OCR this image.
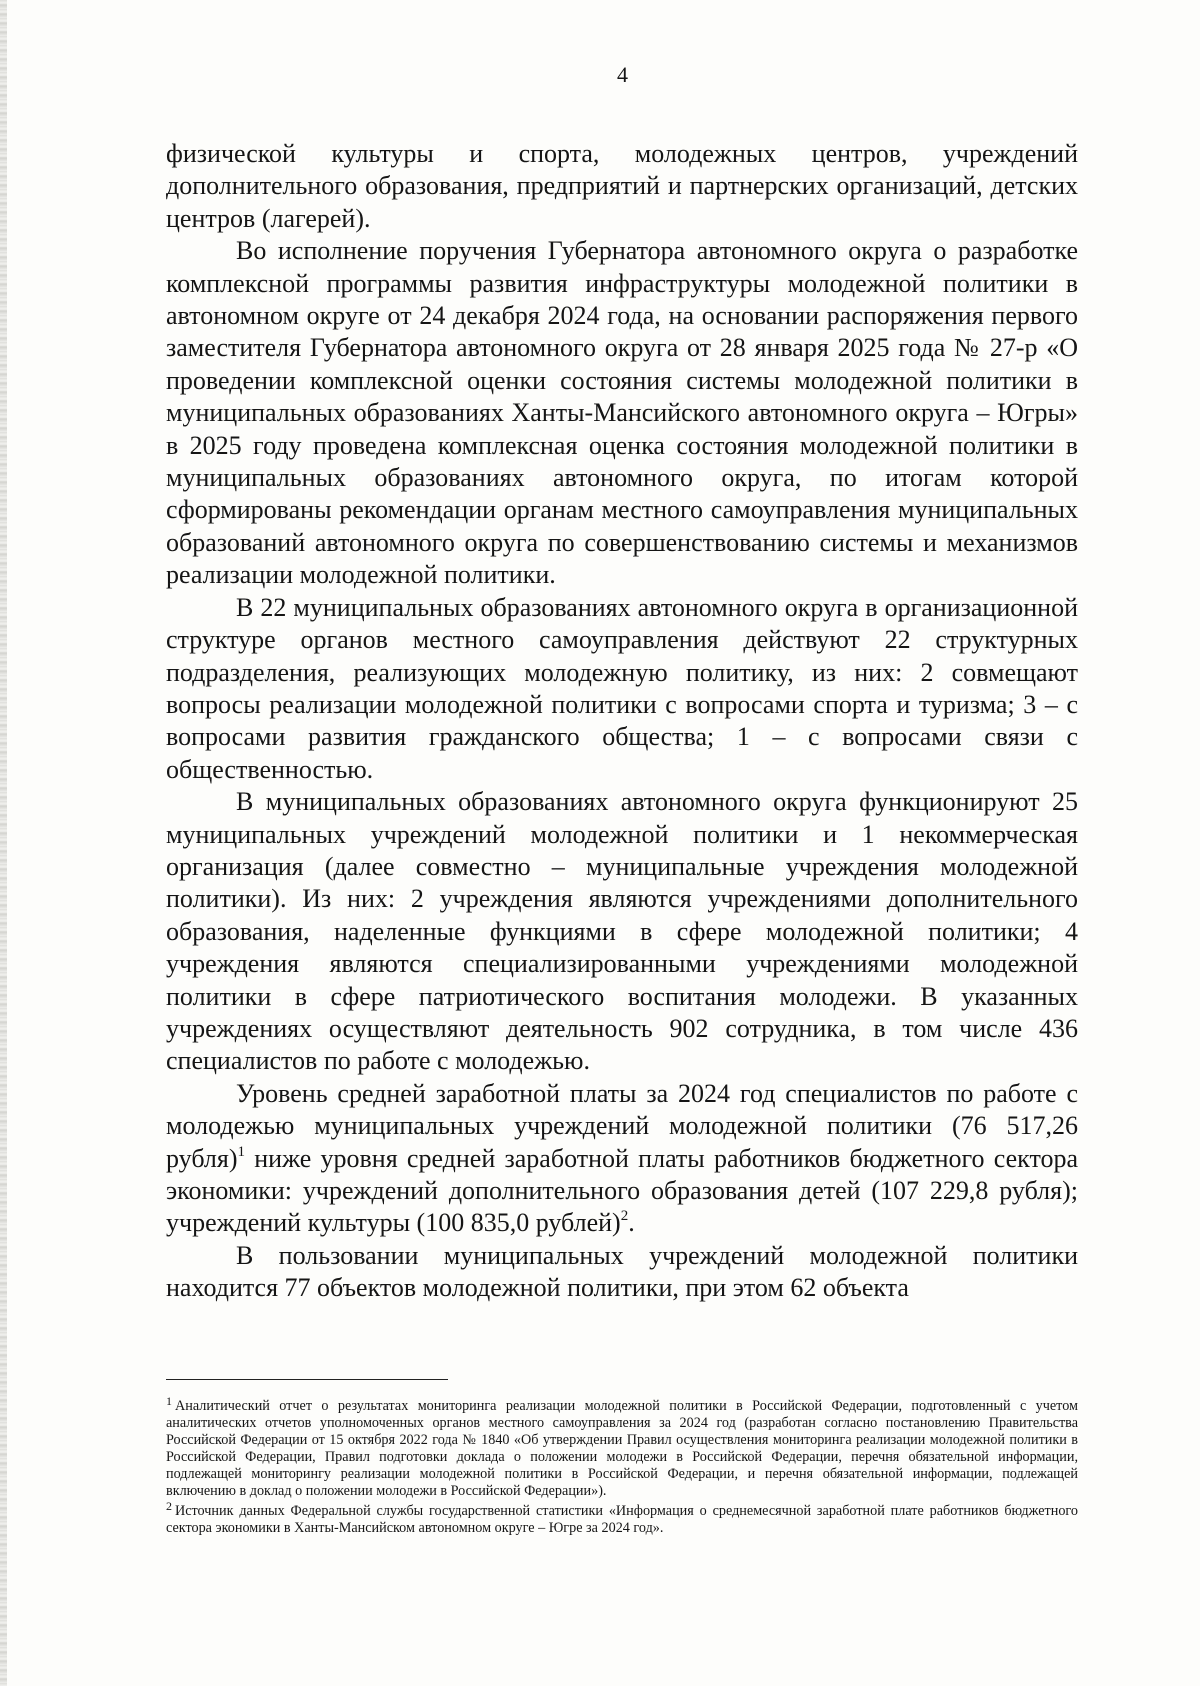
4

физической культуры и спорта, молодежных центров, учреждений дополнительного образования, предприятий и партнерских организаций, детских центров (лагерей).

Во исполнение поручения Губернатора автономного округа о разработке комплексной программы развития инфраструктуры молодежной политики в автономном округе от 24 декабря 2024 года, на основании распоряжения первого заместителя Губернатора автономного округа от 28 января 2025 года № 27-р «О проведении комплексной оценки состояния системы молодежной политики в муниципальных образованиях Ханты-Мансийского автономного округа – Югры» в 2025 году проведена комплексная оценка состояния молодежной политики в муниципальных образованиях автономного округа, по итогам которой сформированы рекомендации органам местного самоуправления муниципальных образований автономного округа по совершенствованию системы и механизмов реализации молодежной политики.

В 22 муниципальных образованиях автономного округа в организационной структуре органов местного самоуправления действуют 22 структурных подразделения, реализующих молодежную политику, из них: 2 совмещают вопросы реализации молодежной политики с вопросами спорта и туризма; 3 – с вопросами развития гражданского общества; 1 – с вопросами связи с общественностью.

В муниципальных образованиях автономного округа функционируют 25 муниципальных учреждений молодежной политики и 1 некоммерческая организация (далее совместно – муниципальные учреждения молодежной политики). Из них: 2 учреждения являются учреждениями дополнительного образования, наделенные функциями в сфере молодежной политики; 4 учреждения являются специализированными учреждениями молодежной политики в сфере патриотического воспитания молодежи. В указанных учреждениях осуществляют деятельность 902 сотрудника, в том числе 436 специалистов по работе с молодежью.

Уровень средней заработной платы за 2024 год специалистов по работе с молодежью муниципальных учреждений молодежной политики (76 517,26 рубля)$^1$ ниже уровня средней заработной платы работников бюджетного сектора экономики: учреждений дополнительного образования детей (107 229,8 рубля); учреждений культуры (100 835,0 рублей)$^2$.

В пользовании муниципальных учреждений молодежной политики находится 77 объектов молодежной политики, при этом 62 объекта

$^1$ Аналитический отчет о результатах мониторинга реализации молодежной политики в Российской Федерации, подготовленный с учетом аналитических отчетов уполномоченных органов местного самоуправления за 2024 год (разработан согласно постановлению Правительства Российской Федерации от 15 октября 2022 года № 1840 «Об утверждении Правил осуществления мониторинга реализации молодежной политики в Российской Федерации, Правил подготовки доклада о положении молодежи в Российской Федерации, перечня обязательной информации, подлежащей мониторингу реализации молодежной политики в Российской Федерации, и перечня обязательной информации, подлежащей включению в доклад о положении молодежи в Российской Федерации»).

$^2$ Источник данных Федеральной службы государственной статистики «Информация о среднемесячной заработной плате работников бюджетного сектора экономики в Ханты-Мансийском автономном округе – Югре за 2024 год».
